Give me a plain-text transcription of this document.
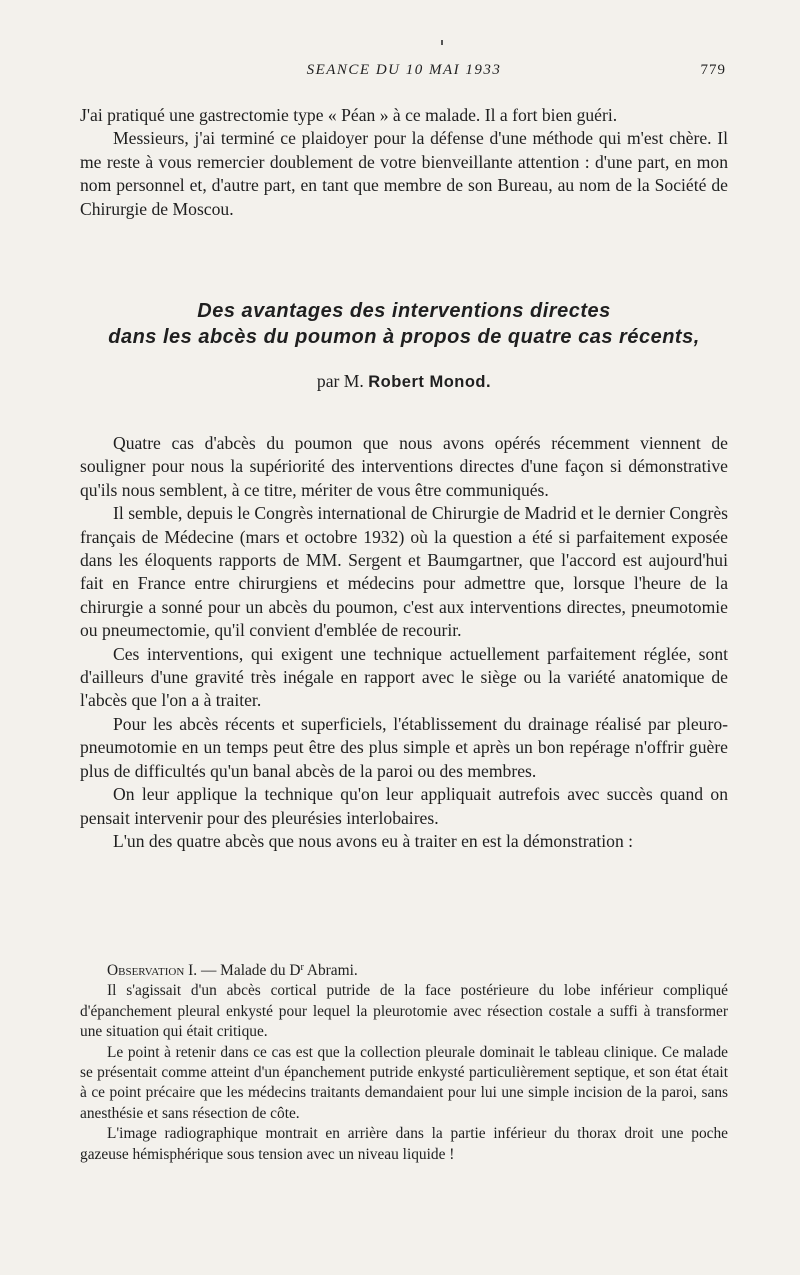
SEANCE DU 10 MAI 1933	779

J'ai pratiqué une gastrectomie type « Péan » à ce malade. Il a fort bien guéri.

Messieurs, j'ai terminé ce plaidoyer pour la défense d'une méthode qui m'est chère. Il me reste à vous remercier doublement de votre bienveillante attention : d'une part, en mon nom personnel et, d'autre part, en tant que membre de son Bureau, au nom de la Société de Chirurgie de Moscou.

Des avantages des interventions directes
dans les abcès du poumon à propos de quatre cas récents,
par M. Robert Monod.

Quatre cas d'abcès du poumon que nous avons opérés récemment viennent de souligner pour nous la supériorité des interventions directes d'une façon si démonstrative qu'ils nous semblent, à ce titre, mériter de vous être communiqués.

Il semble, depuis le Congrès international de Chirurgie de Madrid et le dernier Congrès français de Médecine (mars et octobre 1932) où la question a été si parfaitement exposée dans les éloquents rapports de MM. Sergent et Baumgartner, que l'accord est aujourd'hui fait en France entre chirurgiens et médecins pour admettre que, lorsque l'heure de la chirurgie a sonné pour un abcès du poumon, c'est aux interventions directes, pneumotomie ou pneumectomie, qu'il convient d'emblée de recourir.

Ces interventions, qui exigent une technique actuellement parfaitement réglée, sont d'ailleurs d'une gravité très inégale en rapport avec le siège ou la variété anatomique de l'abcès que l'on a à traiter.

Pour les abcès récents et superficiels, l'établissement du drainage réalisé par pleuro-pneumotomie en un temps peut être des plus simple et après un bon repérage n'offrir guère plus de difficultés qu'un banal abcès de la paroi ou des membres.

On leur applique la technique qu'on leur appliquait autrefois avec succès quand on pensait intervenir pour des pleurésies interlobaires.

L'un des quatre abcès que nous avons eu à traiter en est la démonstration :

Observation I. — Malade du $D^r$ Abrami.

Il s'agissait d'un abcès cortical putride de la face postérieure du lobe inférieur compliqué d'épanchement pleural enkysté pour lequel la pleurotomie avec résection costale a suffi à transformer une situation qui était critique.

Le point à retenir dans ce cas est que la collection pleurale dominait le tableau clinique. Ce malade se présentait comme atteint d'un épanchement putride enkysté particulièrement septique, et son état était à ce point précaire que les médecins traitants demandaient pour lui une simple incision de la paroi, sans anesthésie et sans résection de côte.

L'image radiographique montrait en arrière dans la partie inférieur du thorax droit une poche gazeuse hémisphérique sous tension avec un niveau liquide !
